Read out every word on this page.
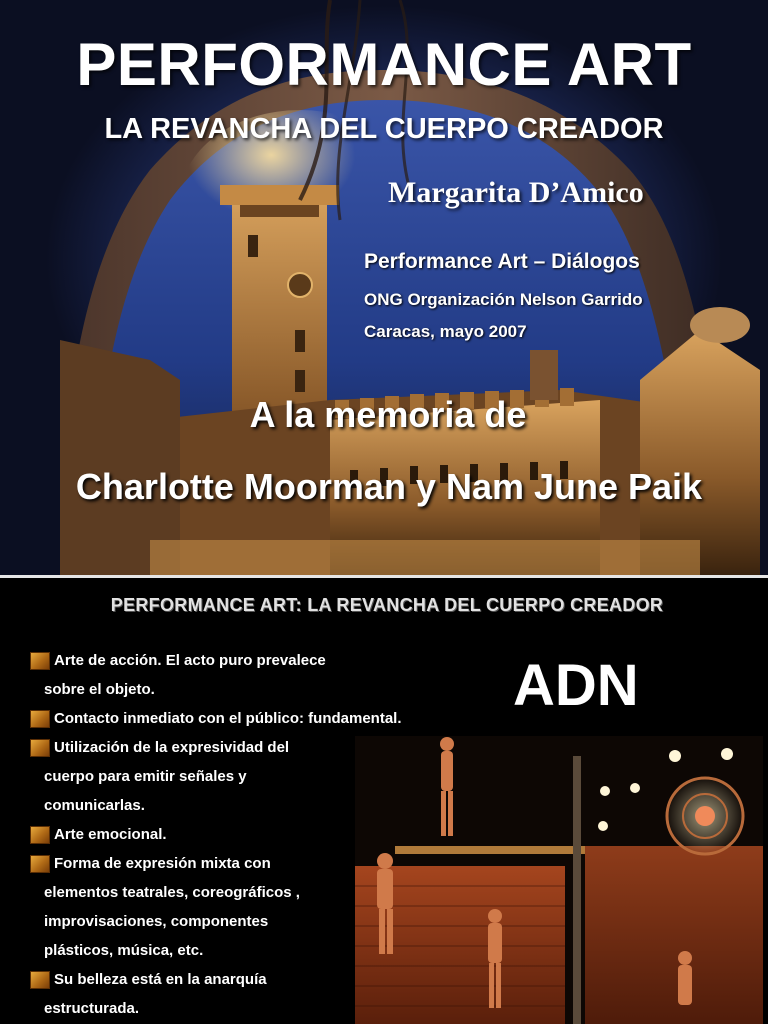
PERFORMANCE ART
LA REVANCHA DEL CUERPO CREADOR
Margarita D’Amico
Performance Art – Diálogos
ONG Organización Nelson Garrido
Caracas, mayo 2007
A la memoria de
Charlotte Moorman y Nam June Paik
PERFORMANCE ART: LA REVANCHA DEL CUERPO CREADOR
ADN
Arte de acción. El acto puro prevalece
sobre el objeto.
Contacto inmediato con el público: fundamental.
Utilización de la expresividad del
cuerpo para emitir señales y
comunicarlas.
Arte emocional.
Forma de expresión mixta con
elementos teatrales, coreográficos ,
improvisaciones, componentes
plásticos, música, etc.
Su belleza está en la anarquía
estructurada.
